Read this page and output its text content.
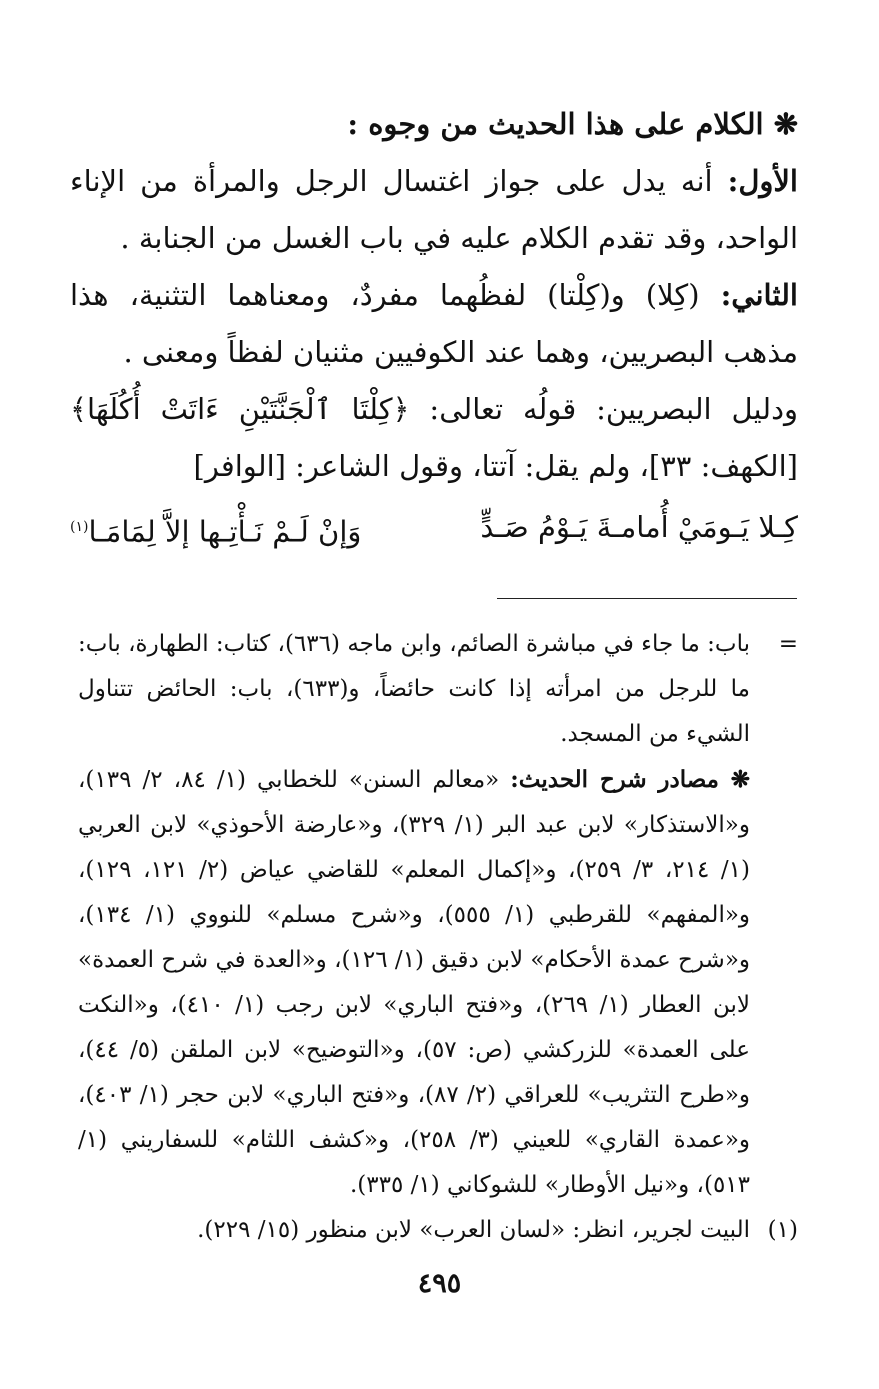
❋ الكلام على هذا الحديث من وجوه :

الأول: أنه يدل على جواز اغتسال الرجل والمرأة من الإناء الواحد، وقد تقدم الكلام عليه في باب الغسل من الجنابة .

الثاني: (كِلا) و(كِلْتا) لفظُهما مفردٌ، ومعناهما التثنية، هذا مذهب البصريين، وهما عند الكوفيين مثنيان لفظاً ومعنى .

ودليل البصريين: قولُه تعالى: ﴿كِلْتَا ٱلْجَنَّتَيْنِ ءَاتَتْ أُكُلَهَا﴾[الكهف: ٣٣]، ولم يقل: آتتا، وقول الشاعر: [الوافر]

كِـلا يَـومَيْ أُمامـةَ يَـوْمُ صَـدٍّ
وَإنْ لَـمْ نَـأْتِـها إلاَّ لِمَامَـا$^{(١)}$
=

باب: ما جاء في مباشرة الصائم، وابن ماجه (٦٣٦)، كتاب: الطهارة، باب: ما للرجل من امرأته إذا كانت حائضاً، و(٦٣٣)، باب: الحائض تتناول الشيء من المسجد.

❋ مصادر شرح الحديث: «معالم السنن» للخطابي (١/ ٨٤، ٢/ ١٣٩)، و«الاستذكار» لابن عبد البر (١/ ٣٢٩)، و«عارضة الأحوذي» لابن العربي (١/ ٢١٤، ٣/ ٢٥٩)، و«إكمال المعلم» للقاضي عياض (٢/ ١٢١، ١٢٩)، و«المفهم» للقرطبي (١/ ٥٥٥)، و«شرح مسلم» للنووي (١/ ١٣٤)، و«شرح عمدة الأحكام» لابن دقيق (١/ ١٢٦)، و«العدة في شرح العمدة» لابن العطار (١/ ٢٦٩)، و«فتح الباري» لابن رجب (١/ ٤١٠)، و«النكت على العمدة» للزركشي (ص: ٥٧)، و«التوضيح» لابن الملقن (٥/ ٤٤)، و«طرح التثريب» للعراقي (٢/ ٨٧)، و«فتح الباري» لابن حجر (١/ ٤٠٣)، و«عمدة القاري» للعيني (٣/ ٢٥٨)، و«كشف اللثام» للسفاريني (١/ ٥١٣)، و«نيل الأوطار» للشوكاني (١/ ٣٣٥).

(١)

البيت لجرير، انظر: «لسان العرب» لابن منظور (١٥/ ٢٢٩).

٤٩٥
